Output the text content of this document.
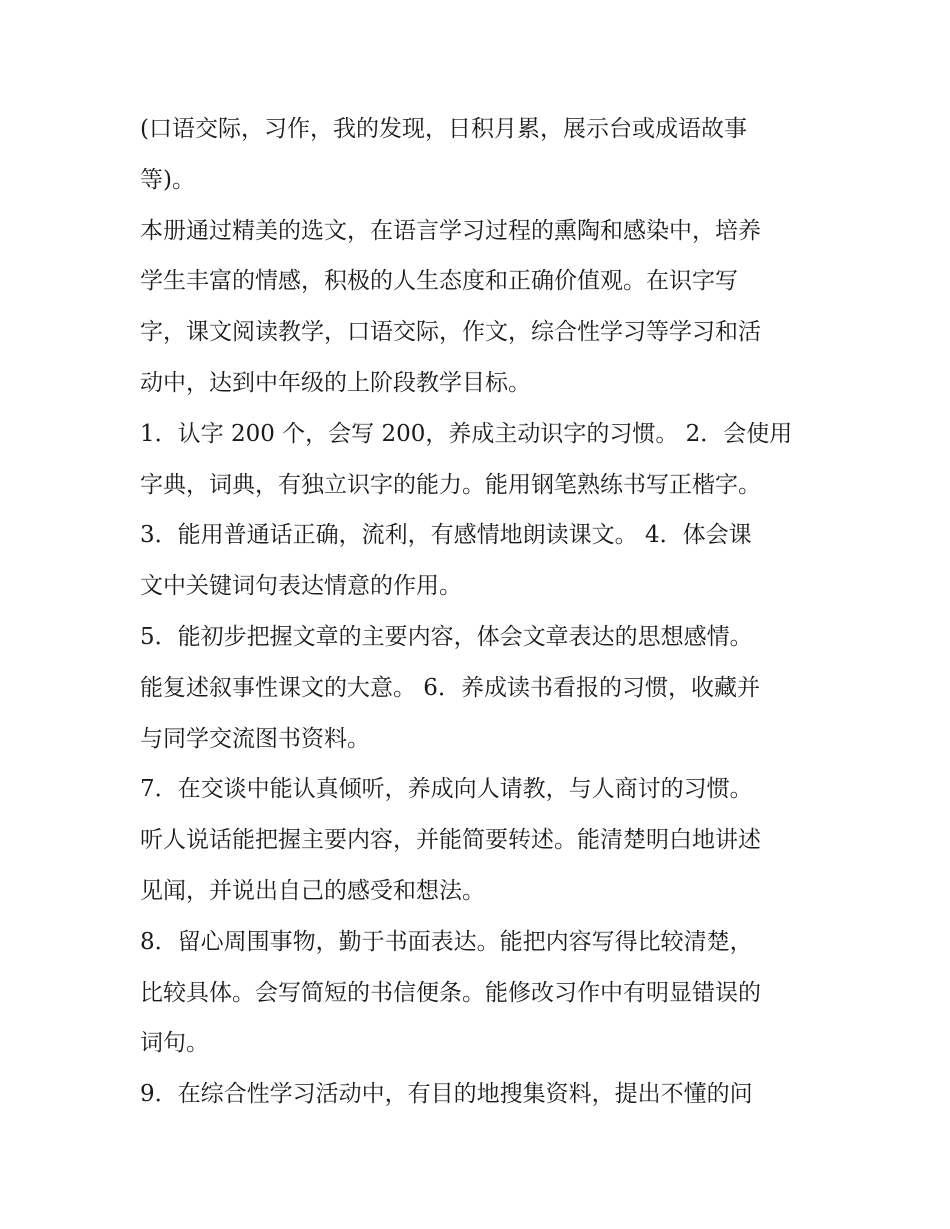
(口语交际，习作，我的发现，日积月累，展示台或成语故事
等)。

本册通过精美的选文，在语言学习过程的熏陶和感染中，培养
学生丰富的情感，积极的人生态度和正确价值观。在识字写
字，课文阅读教学，口语交际，作文，综合性学习等学习和活
动中，达到中年级的上阶段教学目标。

1．认字 200 个，会写 200，养成主动识字的习惯。 2．会使用
字典，词典，有独立识字的能力。能用钢笔熟练书写正楷字。
3．能用普通话正确，流利，有感情地朗读课文。 4．体会课
文中关键词句表达情意的作用。

5．能初步把握文章的主要内容，体会文章表达的思想感情。
能复述叙事性课文的大意。 6．养成读书看报的习惯，收藏并
与同学交流图书资料。

7．在交谈中能认真倾听，养成向人请教，与人商讨的习惯。
听人说话能把握主要内容，并能简要转述。能清楚明白地讲述
见闻，并说出自己的感受和想法。

8．留心周围事物，勤于书面表达。能把内容写得比较清楚，
比较具体。会写简短的书信便条。能修改习作中有明显错误的
词句。

9．在综合性学习活动中，有目的地搜集资料，提出不懂的问
